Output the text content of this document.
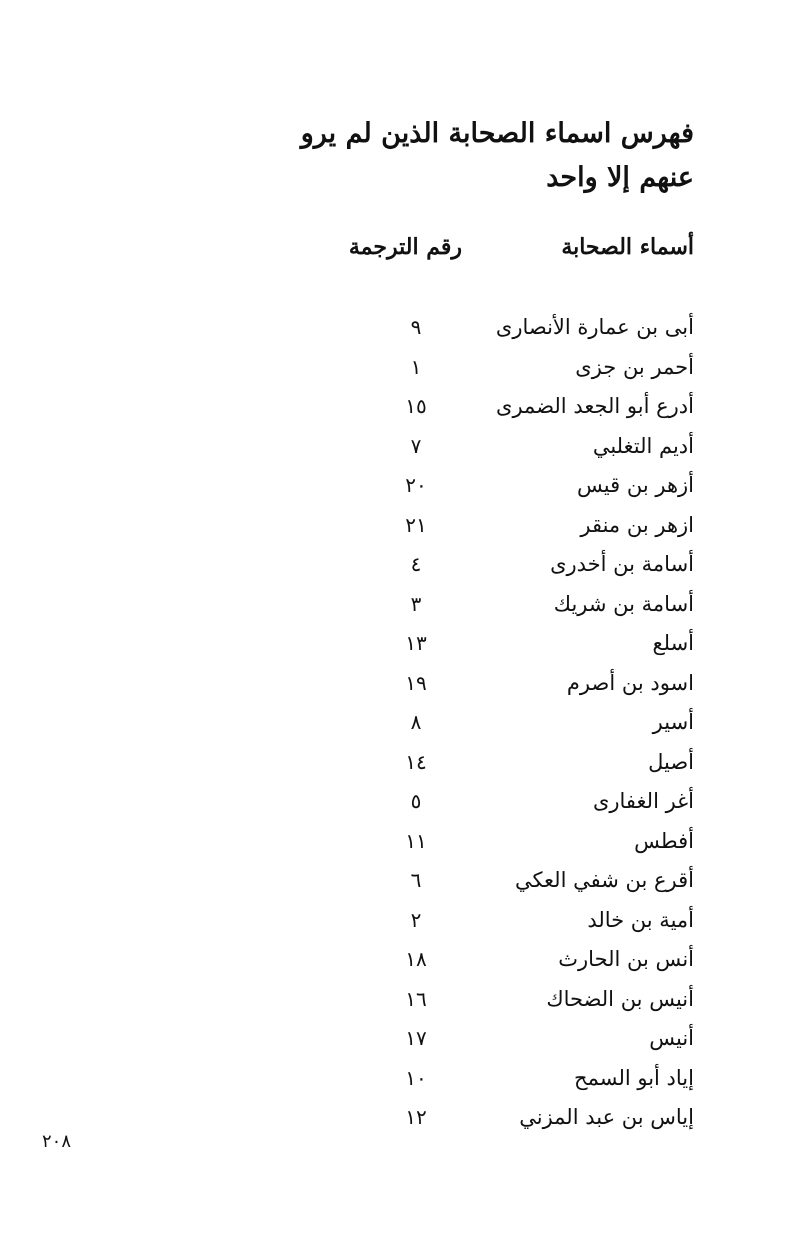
فهرس اسماء الصحابة الذين لم يرو عنهم إلا واحد
أسماء الصحابة
رقم الترجمة
أبى بن عمارة الأنصارى
٩
أحمر بن جزى
١
أدرع أبو الجعد الضمرى
١٥
أديم التغلبي
٧
أزهر بن قيس
٢٠
ازهر بن منقر
٢١
أسامة بن أخدرى
٤
أسامة بن شريك
٣
أسلع
١٣
اسود بن أصرم
١٩
أسير
٨
أصيل
١٤
أغر الغفارى
٥
أفطس
١١
أقرع بن شفي العكي
٦
أمية بن خالد
٢
أنس بن الحارث
١٨
أنيس بن الضحاك
١٦
أنيس
١٧
إياد أبو السمح
١٠
إياس بن عبد المزني
١٢
٢٠٨
